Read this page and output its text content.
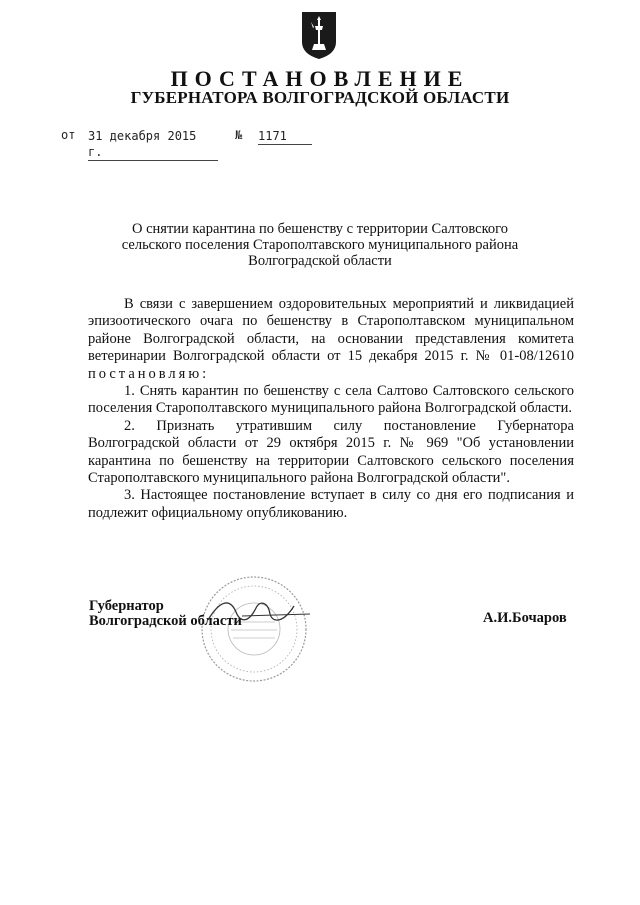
ПОСТАНОВЛЕНИЕ
ГУБЕРНАТОРА ВОЛГОГРАДСКОЙ ОБЛАСТИ
от 31 декабря 2015 г.
№ 1171
О снятии карантина по бешенству с территории Салтовского сельского поселения Старополтавского муниципального района Волгоградской области

В связи с завершением оздоровительных мероприятий и ликвидацией эпизоотического очага по бешенству в Старополтавском муниципальном районе Волгоградской области, на основании представления комитета ветеринарии Волгоградской области от 15 декабря 2015 г. № 01-08/12610 постановляю:

1. Снять карантин по бешенству с села Салтово Салтовского сельского поселения Старополтавского муниципального района Волгоградской области.

2. Признать утратившим силу постановление Губернатора Волгоградской области от 29 октября 2015 г. № 969 "Об установлении карантина по бешенству на территории Салтовского сельского поселения Старополтавского муниципального района Волгоградской области".

3. Настоящее постановление вступает в силу со дня его подписания и подлежит официальному опубликованию.

Губернатор
Волгоградской области	А.И.Бочаров
